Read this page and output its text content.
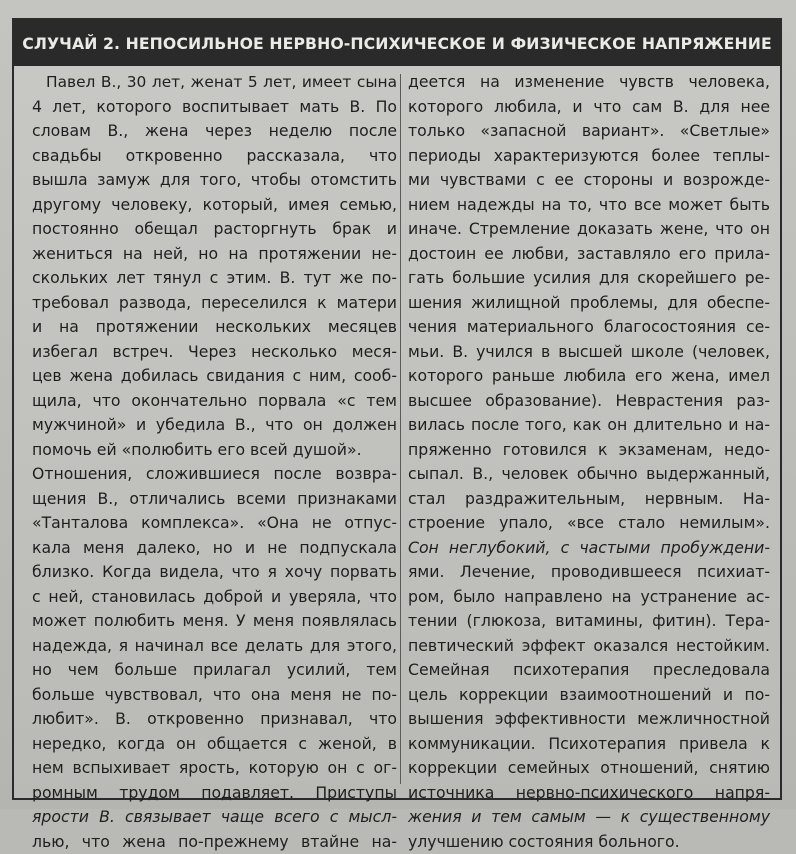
СЛУЧАЙ 2. НЕПОСИЛЬНОЕ НЕРВНО-ПСИХИЧЕСКОЕ И ФИЗИЧЕСКОЕ НАПРЯЖЕНИЕ
Павел В., 30 лет, женат 5 лет, имеет сына
4 лет, которого воспитывает мать В. По
словам В., жена через неделю после
свадьбы откровенно рассказала, что
вышла замуж для того, чтобы отомстить
другому человеку, который, имея семью,
постоянно обещал расторгнуть брак и
жениться на ней, но на протяжении не-
скольких лет тянул с этим. В. тут же по-
требовал развода, переселился к матери
и на протяжении нескольких месяцев
избегал встреч. Через несколько меся-
цев жена добилась свидания с ним, сооб-
щила, что окончательно порвала «с тем
мужчиной» и убедила В., что он должен
помочь ей «полюбить его всей душой».
Отношения, сложившиеся после возвра-
щения В., отличались всеми признаками
«Танталова комплекса». «Она не отпус-
кала меня далеко, но и не подпускала
близко. Когда видела, что я хочу порвать
с ней, становилась доброй и уверяла, что
может полюбить меня. У меня появлялась
надежда, я начинал все делать для этого,
но чем больше прилагал усилий, тем
больше чувствовал, что она меня не по-
любит». В. откровенно признавал, что
нередко, когда он общается с женой, в
нем вспыхивает ярость, которую он с ог-
ромным трудом подавляет. Приступы
ярости В. связывает чаще всего с мысл-
лью, что жена по-прежнему втайне на-
деется на изменение чувств человека,
которого любила, и что сам В. для нее
только «запасной вариант». «Светлые»
периоды характеризуются более теплы-
ми чувствами с ее стороны и возрожде-
нием надежды на то, что все может быть
иначе. Стремление доказать жене, что он
достоин ее любви, заставляло его прила-
гать большие усилия для скорейшего ре-
шения жилищной проблемы, для обеспе-
чения материального благосостояния се-
мьи. В. учился в высшей школе (человек,
которого раньше любила его жена, имел
высшее образование). Неврастения раз-
вилась после того, как он длительно и на-
пряженно готовился к экзаменам, недо-
сыпал. В., человек обычно выдержанный,
стал раздражительным, нервным. На-
строение упало, «все стало немилым».
Сон неглубокий, с частыми пробуждени-
ями. Лечение, проводившееся психиат-
ром, было направлено на устранение ас-
тении (глюкоза, витамины, фитин). Тера-
певтический эффект оказался нестойким.
Семейная психотерапия преследовала
цель коррекции взаимоотношений и по-
вышения эффективности межличностной
коммуникации. Психотерапия привела к
коррекции семейных отношений, снятию
источника нервно-психического напря-
жения и тем самым — к существенному
улучшению состояния больного.
